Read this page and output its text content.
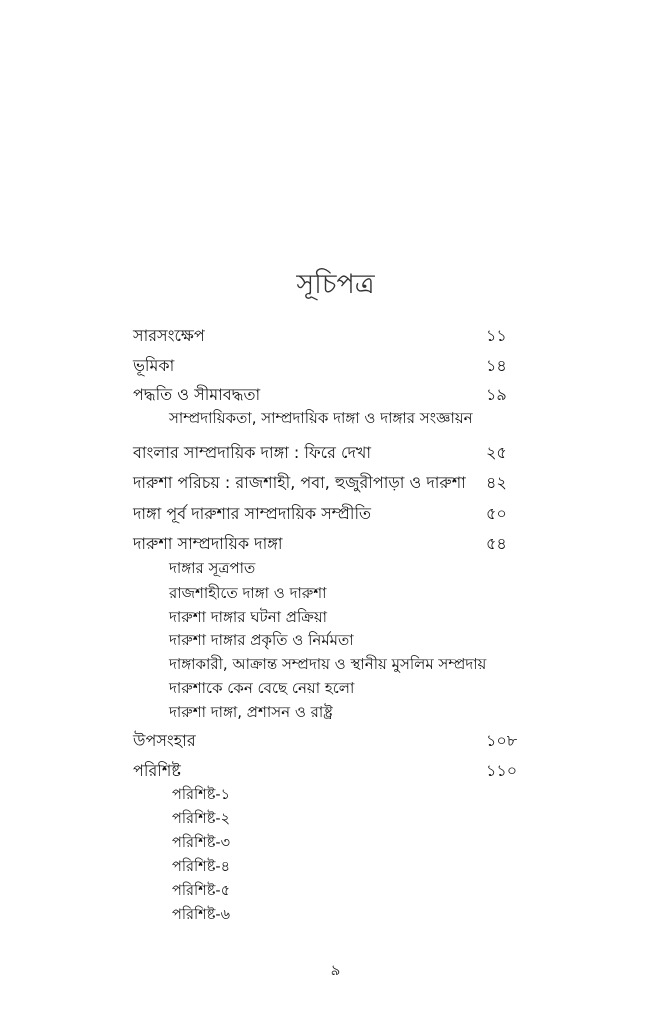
সূচিপত্র
সারসংক্ষেপ	১১
ভূমিকা	১৪
পদ্ধতি ও সীমাবদ্ধতা	১৯
সাম্প্রদায়িকতা, সাম্প্রদায়িক দাঙ্গা ও দাঙ্গার সংজ্ঞায়ন
বাংলার সাম্প্রদায়িক দাঙ্গা : ফিরে দেখা	২৫
দারুশা পরিচয় : রাজশাহী, পবা, হুজুরীপাড়া ও দারুশা ৪২
দাঙ্গা পূর্ব দারুশার সাম্প্রদায়িক সম্প্রীতি	৫০
দারুশা সাম্প্রদায়িক দাঙ্গা	৫৪
দাঙ্গার সূত্রপাত
রাজশাহীতে দাঙ্গা ও দারুশা
দারুশা দাঙ্গার ঘটনা প্রক্রিয়া
দারুশা দাঙ্গার প্রকৃতি ও নির্মমতা
দাঙ্গাকারী, আক্রান্ত সম্প্রদায় ও স্থানীয় মুসলিম সম্প্রদায়
দারুশাকে কেন বেছে নেয়া হলো
দারুশা দাঙ্গা, প্রশাসন ও রাষ্ট্র
উপসংহার	১০৮
পরিশিষ্ট	১১০
পরিশিষ্ট-১
পরিশিষ্ট-২
পরিশিষ্ট-৩
পরিশিষ্ট-৪
পরিশিষ্ট-৫
পরিশিষ্ট-৬
৯
